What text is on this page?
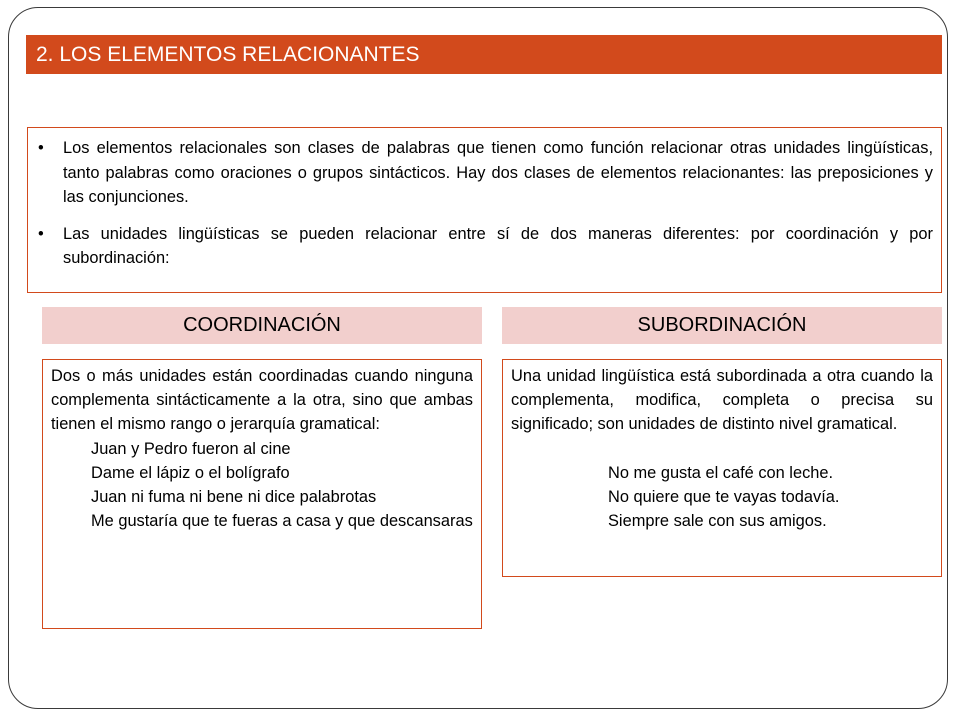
2. LOS ELEMENTOS RELACIONANTES

• Los elementos relacionales son clases de palabras que tienen como función relacionar otras unidades lingüísticas, tanto palabras como oraciones o grupos sintácticos. Hay dos clases de elementos relacionantes: las preposiciones y las conjunciones.

• Las unidades lingüísticas se pueden relacionar entre sí de dos maneras diferentes: por coordinación y por subordinación:

COORDINACIÓN	SUBORDINACIÓN

Dos o más unidades están coordinadas cuando ninguna complementa sintácticamente a la otra, sino que ambas tienen el mismo rango o jerarquía gramatical:

Juan y Pedro fueron al cine

Dame el lápiz o el bolígrafo

Juan ni fuma ni bene ni dice palabrotas

Me gustaría que te fueras a casa y que descansaras

Una unidad lingüística está subordinada a otra cuando la complementa, modifica, completa o precisa su significado; son unidades de distinto nivel gramatical.

No me gusta el café con leche.

No quiere que te vayas todavía.

Siempre sale con sus amigos.
